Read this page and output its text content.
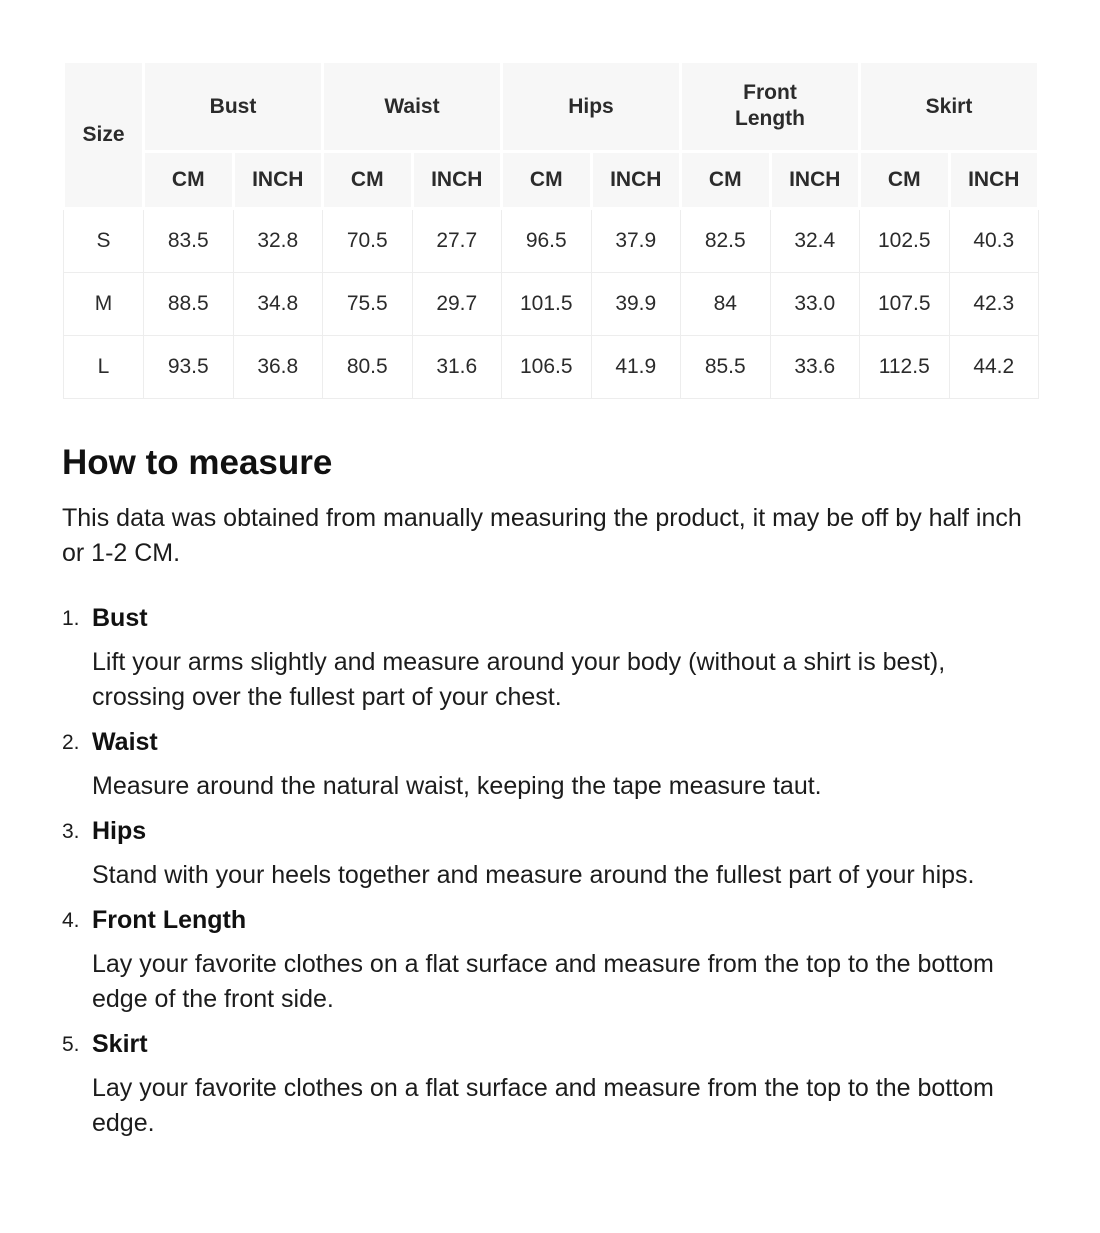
Size	Bust		Waist		Hips		Front Length		Skirt	
	CM	INCH	CM	INCH	CM	INCH	CM	INCH	CM	INCH
S	83.5	32.8	70.5	27.7	96.5	37.9	82.5	32.4	102.5	40.3
M	88.5	34.8	75.5	29.7	101.5	39.9	84	33.0	107.5	42.3
L	93.5	36.8	80.5	31.6	106.5	41.9	85.5	33.6	112.5	44.2
How to measure

This data was obtained from manually measuring the product, it may be off by half inch or 1-2 CM.

1. Bust

Lift your arms slightly and measure around your body (without a shirt is best), crossing over the fullest part of your chest.

2. Waist

Measure around the natural waist, keeping the tape measure taut.

3. Hips

Stand with your heels together and measure around the fullest part of your hips.

4. Front Length

Lay your favorite clothes on a flat surface and measure from the top to the bottom edge of the front side.

5. Skirt

Lay your favorite clothes on a flat surface and measure from the top to the bottom edge.
